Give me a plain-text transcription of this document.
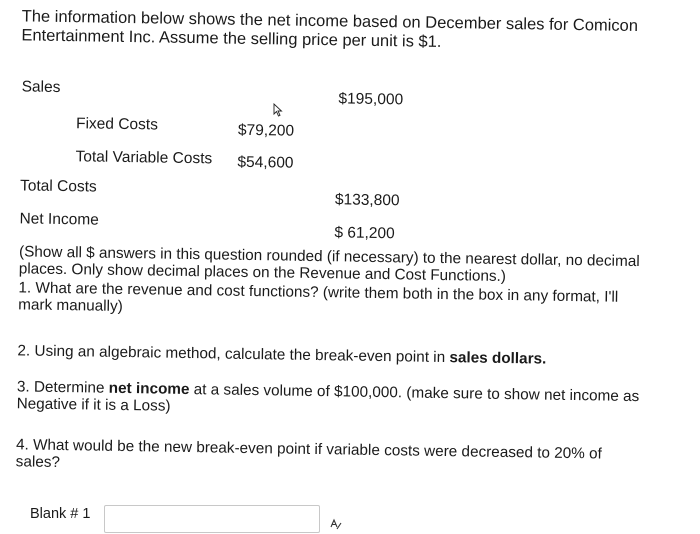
The information below shows the net income based on December sales for Comicon Entertainment Inc. Assume the selling price per unit is $1.
Sales
$195,000
Fixed Costs	$79,200
Total Variable Costs $54,600
Total Costs
$133,800
Net Income
$ 61,200
(Show all $ answers in this question rounded (if necessary) to the nearest dollar, no decimal places. Only show decimal places on the Revenue and Cost Functions.)
1. What are the revenue and cost functions? (write them both in the box in any format, I'll mark manually)
2. Using an algebraic method, calculate the break-even point in sales dollars.
3. Determine net income at a sales volume of $100,000. (make sure to show net income as Negative if it is a Loss)
4. What would be the new break-even point if variable costs were decreased to 20% of sales?
Blank # 1
